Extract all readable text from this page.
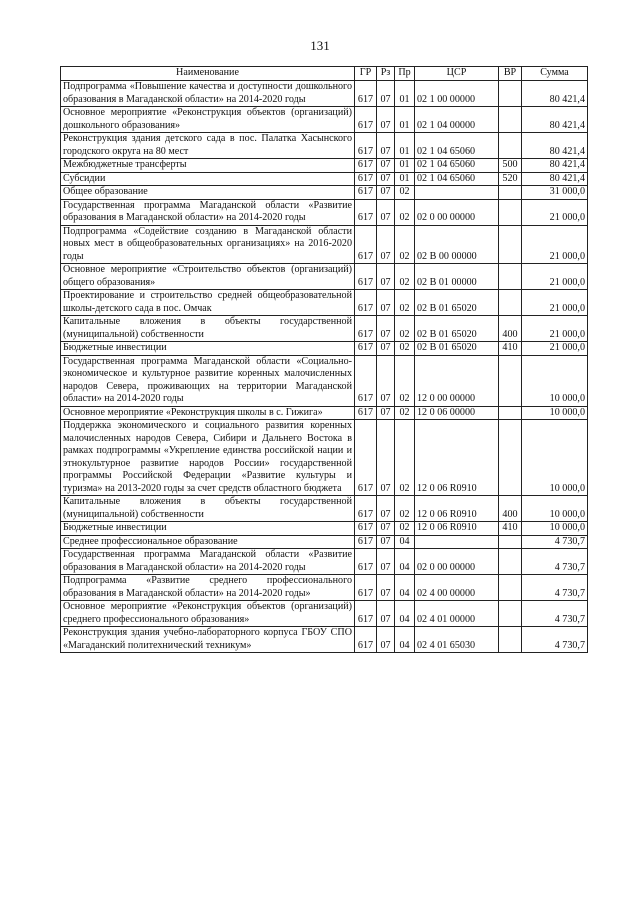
131
Наименование	ГР	Рз	Пр	ЦСР	ВР	Сумма
Подпрограмма «Повышение качества и доступности дошкольного образования в Магаданской области» на 2014-2020 годы	617	07	01	02 1 00 00000		80 421,4
Основное мероприятие «Реконструкция объектов (организаций) дошкольного образования»	617	07	01	02 1 04 00000		80 421,4
Реконструкция здания детского сада в пос. Палатка Хасынского городского округа на 80 мест	617	07	01	02 1 04 65060		80 421,4
Межбюджетные трансферты	617	07	01	02 1 04 65060	500	80 421,4
Субсидии	617	07	01	02 1 04 65060	520	80 421,4
Общее образование	617	07	02			31 000,0
Государственная программа Магаданской области «Развитие образования в Магаданской области» на 2014-2020 годы	617	07	02	02 0 00 00000		21 000,0
Подпрограмма «Содействие созданию в Магаданской области новых мест в общеобразовательных организациях» на 2016-2020 годы	617	07	02	02 В 00 00000		21 000,0
Основное мероприятие «Строительство объектов (организаций) общего образования»	617	07	02	02 В 01 00000		21 000,0
Проектирование и строительство средней общеобразовательной школы-детского сада в пос. Омчак	617	07	02	02 В 01 65020		21 000,0
Капитальные вложения в объекты государственной (муниципальной) собственности	617	07	02	02 В 01 65020	400	21 000,0
Бюджетные инвестиции	617	07	02	02 В 01 65020	410	21 000,0
Государственная программа Магаданской области «Социально-экономическое и культурное развитие коренных малочисленных народов Севера, проживающих на территории Магаданской области» на 2014-2020 годы	617	07	02	12 0 00 00000		10 000,0
Основное мероприятие «Реконструкция школы в с. Гижига»	617	07	02	12 0 06 00000		10 000,0
Поддержка экономического и социального развития коренных малочисленных народов Севера, Сибири и Дальнего Востока в рамках подпрограммы «Укрепление единства российской нации и этнокультурное развитие народов России» государственной программы Российской Федерации «Развитие культуры и туризма» на 2013-2020 годы за счет средств областного бюджета	617	07	02	12 0 06 R0910		10 000,0
Капитальные вложения в объекты государственной (муниципальной) собственности	617	07	02	12 0 06 R0910	400	10 000,0
Бюджетные инвестиции	617	07	02	12 0 06 R0910	410	10 000,0
Среднее профессиональное образование	617	07	04			4 730,7
Государственная программа Магаданской области «Развитие образования в Магаданской области» на 2014-2020 годы	617	07	04	02 0 00 00000		4 730,7
Подпрограмма «Развитие среднего профессионального образования в Магаданской области» на 2014-2020 годы»	617	07	04	02 4 00 00000		4 730,7
Основное мероприятие «Реконструкция объектов (организаций) среднего профессионального образования»	617	07	04	02 4 01 00000		4 730,7
Реконструкция здания учебно-лабораторного корпуса ГБОУ СПО «Магаданский политехнический техникум»	617	07	04	02 4 01 65030		4 730,7
